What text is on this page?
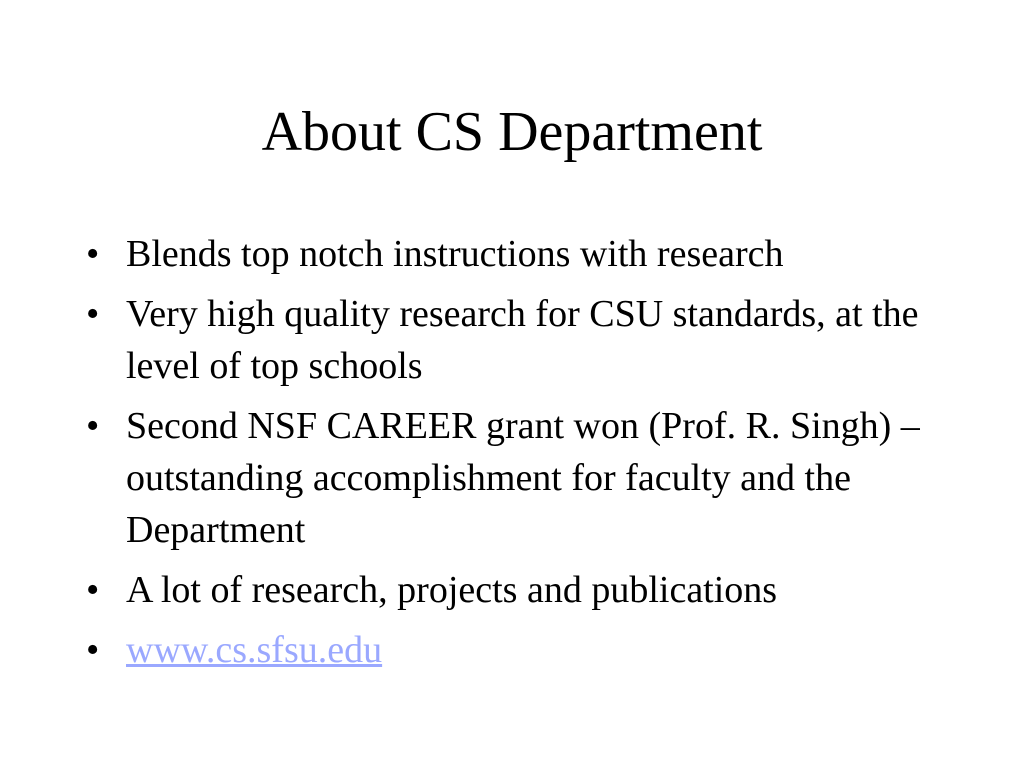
About CS Department
• Blends top notch instructions with research
• Very high quality research for CSU standards, at the level of top schools
• Second NSF CAREER grant won (Prof. R. Singh) – outstanding accomplishment for faculty and the Department
• A lot of research, projects and publications
• www.cs.sfsu.edu
